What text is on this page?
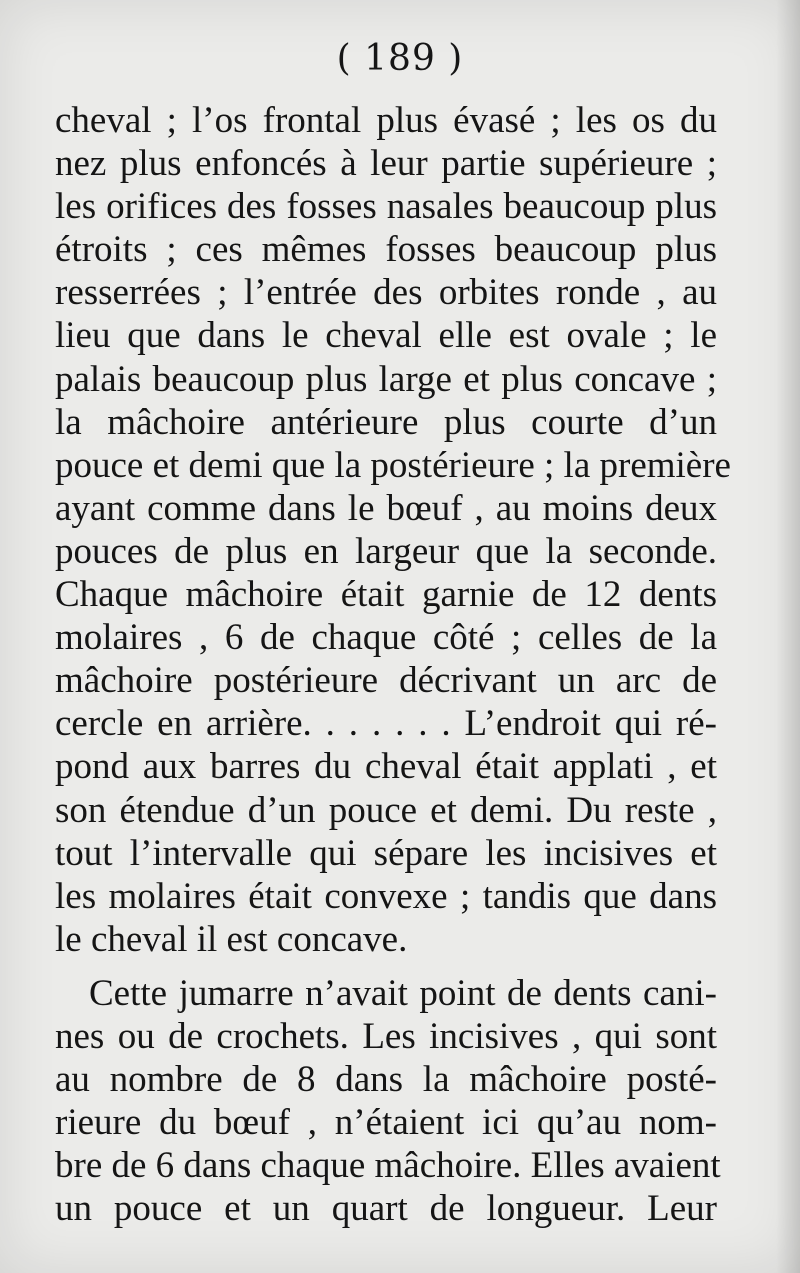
( 189 )
cheval ; l’os frontal plus évasé ; les os du
nez plus enfoncés à leur partie supérieure ;
les orifices des fosses nasales beaucoup plus
étroits ; ces mêmes fosses beaucoup plus
resserrées ; l’entrée des orbites ronde , au
lieu que dans le cheval elle est ovale ; le
palais beaucoup plus large et plus concave ;
la mâchoire antérieure plus courte d’un
pouce et demi que la postérieure ; la première
ayant comme dans le bœuf , au moins deux
pouces de plus en largeur que la seconde.
Chaque mâchoire était garnie de 12 dents
molaires , 6 de chaque côté ; celles de la
mâchoire postérieure décrivant un arc de
cercle en arrière. . . . . . . L’endroit qui ré-
pond aux barres du cheval était applati , et
son étendue d’un pouce et demi. Du reste ,
tout l’intervalle qui sépare les incisives et
les molaires était convexe ; tandis que dans
le cheval il est concave.
Cette jumarre n’avait point de dents cani-
nes ou de crochets. Les incisives , qui sont
au nombre de 8 dans la mâchoire posté-
rieure du bœuf , n’étaient ici qu’au nom-
bre de 6 dans chaque mâchoire. Elles avaient
un pouce et un quart de longueur. Leur
